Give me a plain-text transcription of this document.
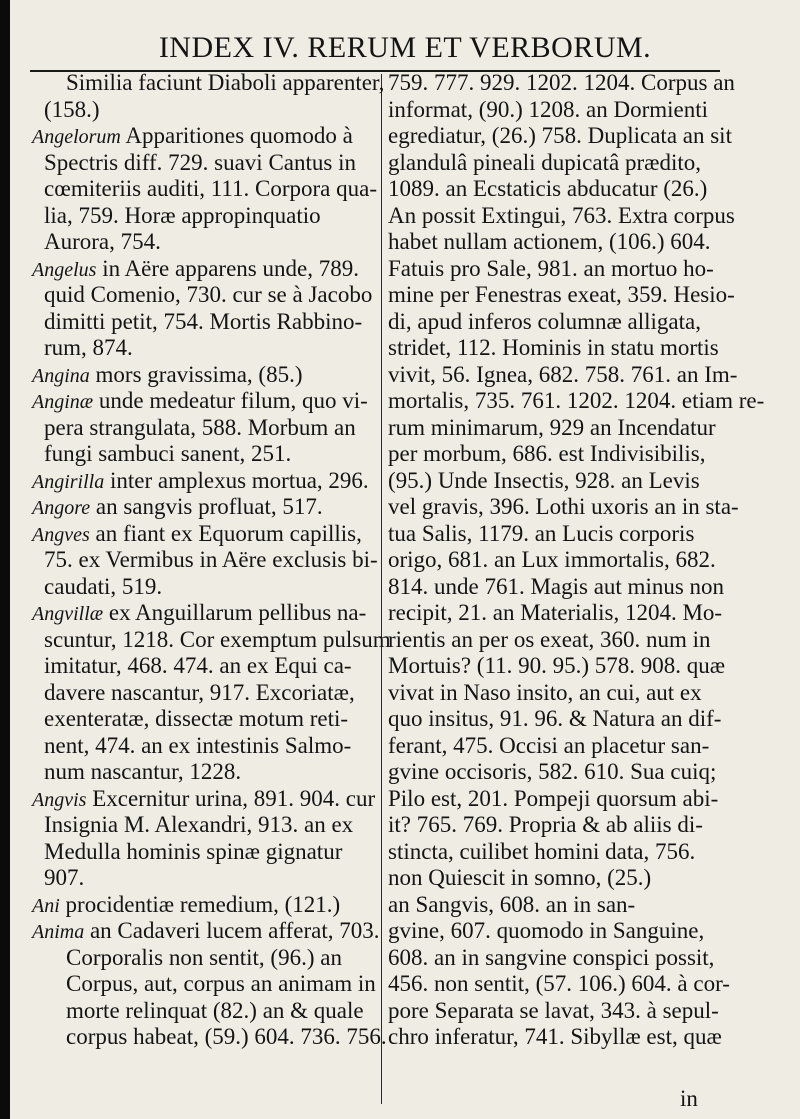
INDEX IV. RERUM ET VERBORUM.
Similia faciunt Diaboli apparenter,
(158.)
Angelorum Apparitiones quomodo à
Spectris diff. 729. suavi Cantus in
cœmiteriis auditi, 111. Corpora qua-
lia, 759. Horæ appropinquatio
Aurora, 754.
Angelus in Aëre apparens unde, 789.
quid Comenio, 730. cur se à Jacobo
dimitti petit, 754. Mortis Rabbino-
rum, 874.
Angina mors gravissima, (85.)
Anginæ unde medeatur filum, quo vi-
pera strangulata, 588. Morbum an
fungi sambuci sanent, 251.
Angirilla inter amplexus mortua, 296.
Angore an sangvis profluat, 517.
Angves an fiant ex Equorum capillis,
75. ex Vermibus in Aëre exclusis bi-
caudati, 519.
Angvillæ ex Anguillarum pellibus na-
scuntur, 1218. Cor exemptum pulsum
imitatur, 468. 474. an ex Equi ca-
davere nascantur, 917. Excoriatæ,
exenteratæ, dissectæ motum reti-
nent, 474. an ex intestinis Salmo-
num nascantur, 1228.
Angvis Excernitur urina, 891. 904. cur
Insignia M. Alexandri, 913. an ex
Medulla hominis spinæ gignatur
907.
Ani procidentiæ remedium, (121.)
Anima an Cadaveri lucem afferat, 703.
Corporalis non sentit, (96.) an
Corpus, aut, corpus an animam in
morte relinquat (82.) an & quale
corpus habeat, (59.) 604. 736. 756.
759. 777. 929. 1202. 1204. Corpus an
informat, (90.) 1208. an Dormienti
egrediatur, (26.) 758. Duplicata an sit
glandulâ pineali dupicatâ prædito,
1089. an Ecstaticis abducatur (26.)
An possit Extingui, 763. Extra corpus
habet nullam actionem, (106.) 604.
Fatuis pro Sale, 981. an mortuo ho-
mine per Fenestras exeat, 359. Hesio-
di, apud inferos columnæ alligata,
stridet, 112. Hominis in statu mortis
vivit, 56. Ignea, 682. 758. 761. an Im-
mortalis, 735. 761. 1202. 1204. etiam re-
rum minimarum, 929 an Incendatur
per morbum, 686. est Indivisibilis,
(95.) Unde Insectis, 928. an Levis
vel gravis, 396. Lothi uxoris an in sta-
tua Salis, 1179. an Lucis corporis
origo, 681. an Lux immortalis, 682.
814. unde 761. Magis aut minus non
recipit, 21. an Materialis, 1204. Mo-
rientis an per os exeat, 360. num in
Mortuis? (11. 90. 95.) 578. 908. quæ
vivat in Naso insito, an cui, aut ex
quo insitus, 91. 96. & Natura an dif-
ferant, 475. Occisi an placetur san-
gvine occisoris, 582. 610. Sua cuiq;
Pilo est, 201. Pompeji quorsum abi-
it? 765. 769. Propria & ab aliis di-
stincta, cuilibet homini data, 756.
non Quiescit in somno, (25.)
an Sangvis, 608. an in san-
gvine, 607. quomodo in Sanguine,
608. an in sangvine conspici possit,
456. non sentit, (57. 106.) 604. à cor-
pore Separata se lavat, 343. à sepul-
chro inferatur, 741. Sibyllæ est, quæ
in
